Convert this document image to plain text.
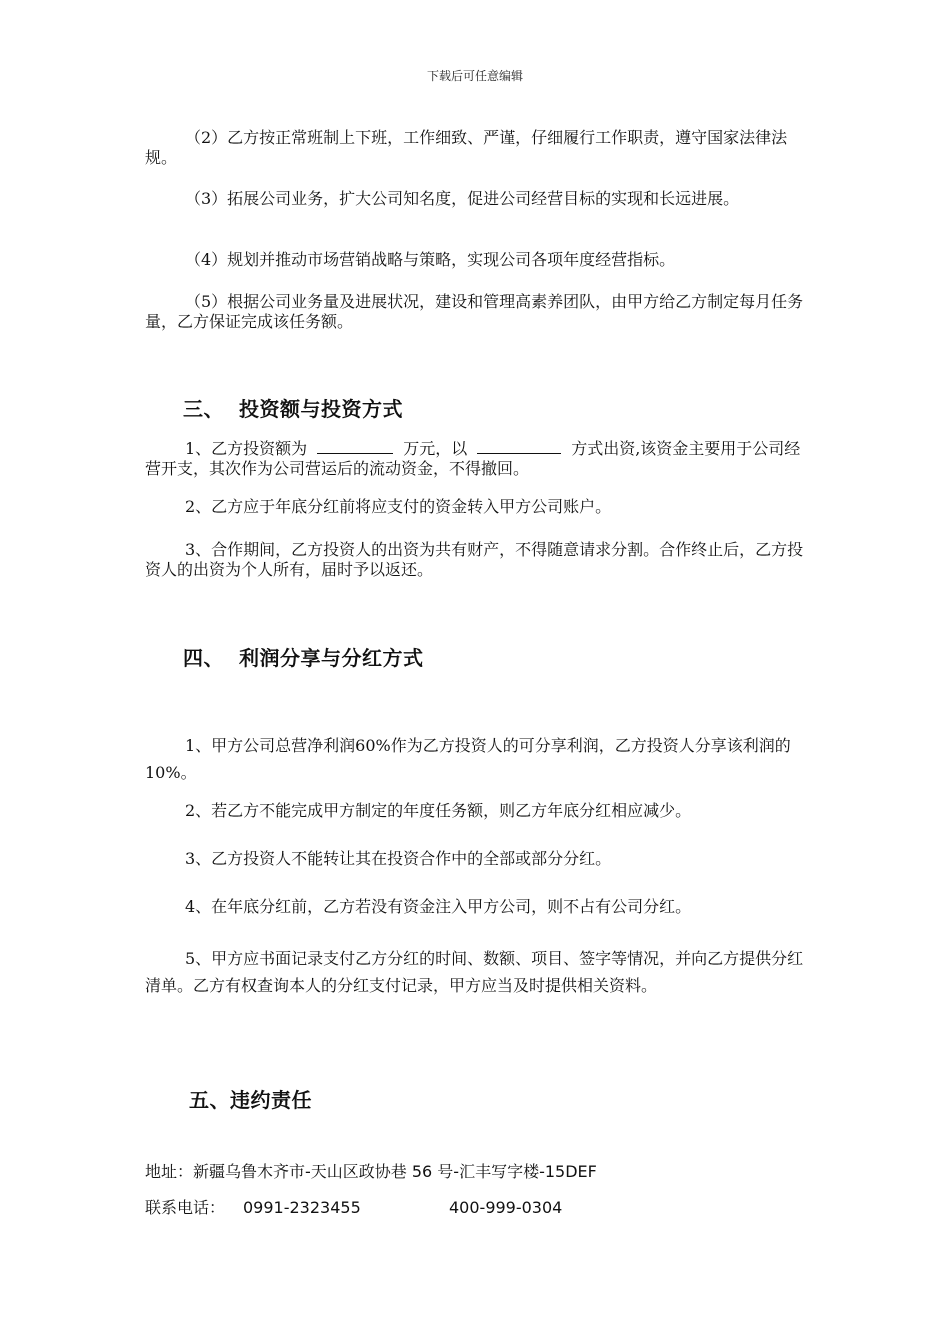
下载后可任意编辑

（2）乙方按正常班制上下班，工作细致、严谨，仔细履行工作职责，遵守国家法律法规。

（3）拓展公司业务，扩大公司知名度，促进公司经营目标的实现和长远进展。

（4）规划并推动市场营销战略与策略，实现公司各项年度经营指标。

（5）根据公司业务量及进展状况，建设和管理高素养团队，由甲方给乙方制定每月任务量，乙方保证完成该任务额。

三、 投资额与投资方式

1、乙方投资额为	万元，以	方式出资,该资金主要用于公司经营开支，其次作为公司营运后的流动资金，不得撤回。

2、乙方应于年底分红前将应支付的资金转入甲方公司账户。

3、合作期间，乙方投资人的出资为共有财产，不得随意请求分割。合作终止后，乙方投资人的出资为个人所有，届时予以返还。

四、 利润分享与分红方式

1、甲方公司总营净利润60%作为乙方投资人的可分享利润，乙方投资人分享该利润的10%。

2、若乙方不能完成甲方制定的年度任务额，则乙方年底分红相应减少。

3、乙方投资人不能转让其在投资合作中的全部或部分分红。

4、在年底分红前，乙方若没有资金注入甲方公司，则不占有公司分红。

5、甲方应书面记录支付乙方分红的时间、数额、项目、签字等情况，并向乙方提供分红清单。乙方有权查询本人的分红支付记录，甲方应当及时提供相关资料。

五、违约责任

地址：新疆乌鲁木齐市-天山区政协巷 56 号-汇丰写字楼-15DEF

联系电话： 0991-2323455	400-999-0304
